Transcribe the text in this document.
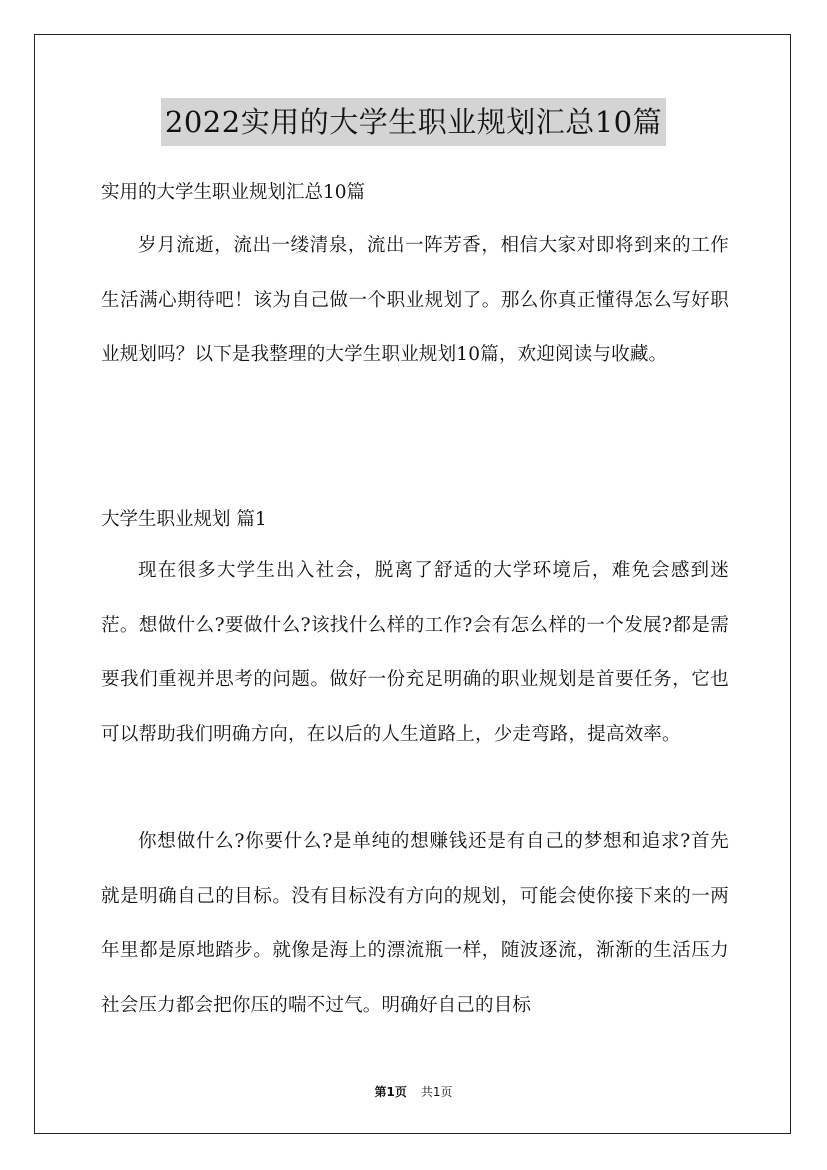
2022实用的大学生职业规划汇总10篇

实用的大学生职业规划汇总10篇

岁月流逝，流出一缕清泉，流出一阵芳香，相信大家对即将到来的工作生活满心期待吧！该为自己做一个职业规划了。那么你真正懂得怎么写好职业规划吗？以下是我整理的大学生职业规划10篇，欢迎阅读与收藏。

大学生职业规划 篇1

现在很多大学生出入社会，脱离了舒适的大学环境后，难免会感到迷茫。想做什么?要做什么?该找什么样的工作?会有怎么样的一个发展?都是需要我们重视并思考的问题。做好一份充足明确的职业规划是首要任务，它也可以帮助我们明确方向，在以后的人生道路上，少走弯路，提高效率。

你想做什么?你要什么?是单纯的想赚钱还是有自己的梦想和追求?首先就是明确自己的目标。没有目标没有方向的规划，可能会使你接下来的一两年里都是原地踏步。就像是海上的漂流瓶一样，随波逐流，渐渐的生活压力社会压力都会把你压的喘不过气。明确好自己的目标

第1页 共1页
